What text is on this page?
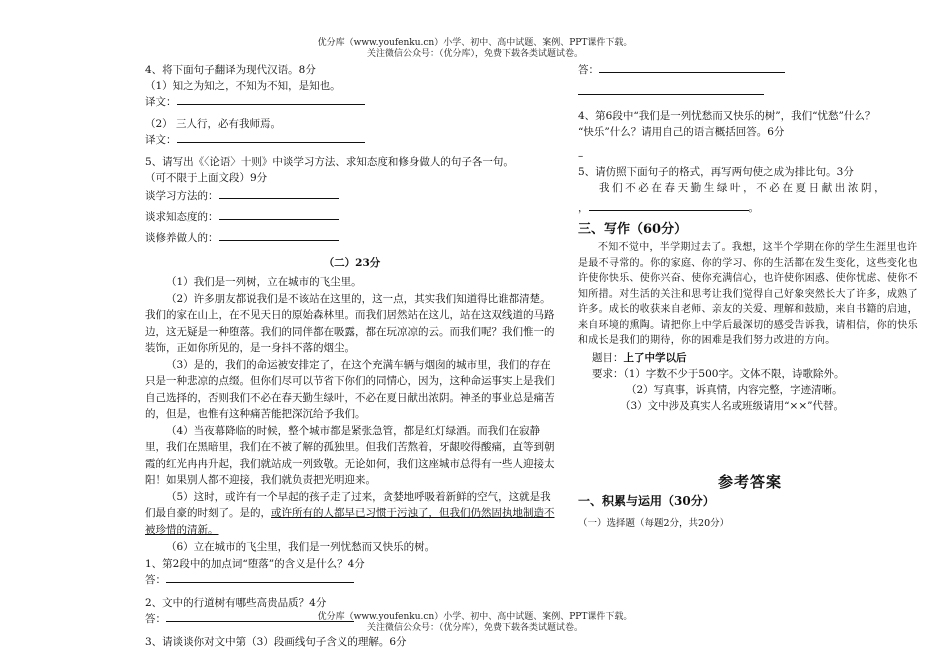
优分库（www.youfenku.cn）小学、初中、高中试题、案例、PPT课件下载。
关注微信公众号：（优分库），免费下载各类试题试卷。
4、将下面句子翻译为现代汉语。8分
（1）知之为知之，不知为不知，是知也。
译文：
（2） 三人行，必有我师焉。
译文：
5、请写出《〈论语〉十则》中谈学习方法、求知态度和修身做人的句子各一句。
（可不限于上面文段）9分
谈学习方法的：
谈求知态度的：
谈修养做人的：
（二）23分

（1）我们是一列树，立在城市的飞尘里。

（2）许多朋友都说我们是不该站在这里的，这一点，其实我们知道得比谁都清楚。我们的家在山上，在不见天日的原始森林里。而我们居然站在这儿，站在这双线道的马路边，这无疑是一种堕落。我们的同伴都在吸露，都在玩凉凉的云。而我们呢？我们惟一的装饰，正如你所见的，是一身抖不落的烟尘。

（3）是的，我们的命运被安排定了，在这个充满车辆与烟囱的城市里，我们的存在只是一种悲凉的点缀。但你们尽可以节省下你们的同情心，因为，这种命运事实上是我们自己选择的，否则我们不必在春天勤生绿叶，不必在夏日献出浓阴。神圣的事业总是痛苦的，但是，也惟有这种痛苦能把深沉给予我们。

（4）当夜幕降临的时候，整个城市都是紧张急管，都是红灯绿酒。而我们在寂静里，我们在黑暗里，我们在不被了解的孤独里。但我们苦熬着，牙龈咬得酸痛，直等到朝霞的红光冉冉升起，我们就站成一列致敬。无论如何，我们这座城市总得有一些人迎接太阳！如果别人都不迎接，我们就负责把光明迎来。

（5）这时，或许有一个早起的孩子走了过来，贪婪地呼吸着新鲜的空气，这就是我们最自豪的时刻了。是的，或许所有的人都早已习惯于污浊了，但我们仍然固执地制造不被珍惜的清新。

（6）立在城市的飞尘里，我们是一列忧愁而又快乐的树。

1、第2段中的加点词“堕落”的含义是什么？4分
答：
2、文中的行道树有哪些高贵品质？4分
答：
3、请谈谈你对文中第（3）段画线句子含义的理解。6分
答：
4、第6段中“我们是一列忧愁而又快乐的树”，我们“忧愁”什么？
“快乐”什么？请用自己的语言概括回答。6分
–
5、请仿照下面句子的格式，再写两句使之成为排比句。3分
我们不必在春天勤生绿叶，不必在夏日献出浓阴，
，	。
三、写作（60分）

不知不觉中，半学期过去了。我想，这半个学期在你的学生生涯里也许是最不寻常的。你的家庭、你的学习、你的生活都在发生变化，这些变化也许使你快乐、使你兴奋、使你充满信心，也许使你困惑、使你忧虑、使你不知所措。对生活的关注和思考让我们觉得自己好象突然长大了许多，成熟了许多。成长的收获来自老师、亲友的关爱、理解和鼓励，来自书籍的启迪，来自环境的熏陶。请把你上中学后最深切的感受告诉我，请相信，你的快乐和成长是我们的期待，你的困难是我们努力改进的方向。

题目：上了中学以后
要求：（1）字数不少于500字。文体不限，诗歌除外。
（2）写真事，诉真情，内容完整，字迹清晰。
（3）文中涉及真实人名或班级请用“××”代替。
参考答案
一、积累与运用（30分）
（一）选择题（每题2分，共20分）
优分库（www.youfenku.cn）小学、初中、高中试题、案例、PPT课件下载。
关注微信公众号：（优分库），免费下载各类试题试卷。
